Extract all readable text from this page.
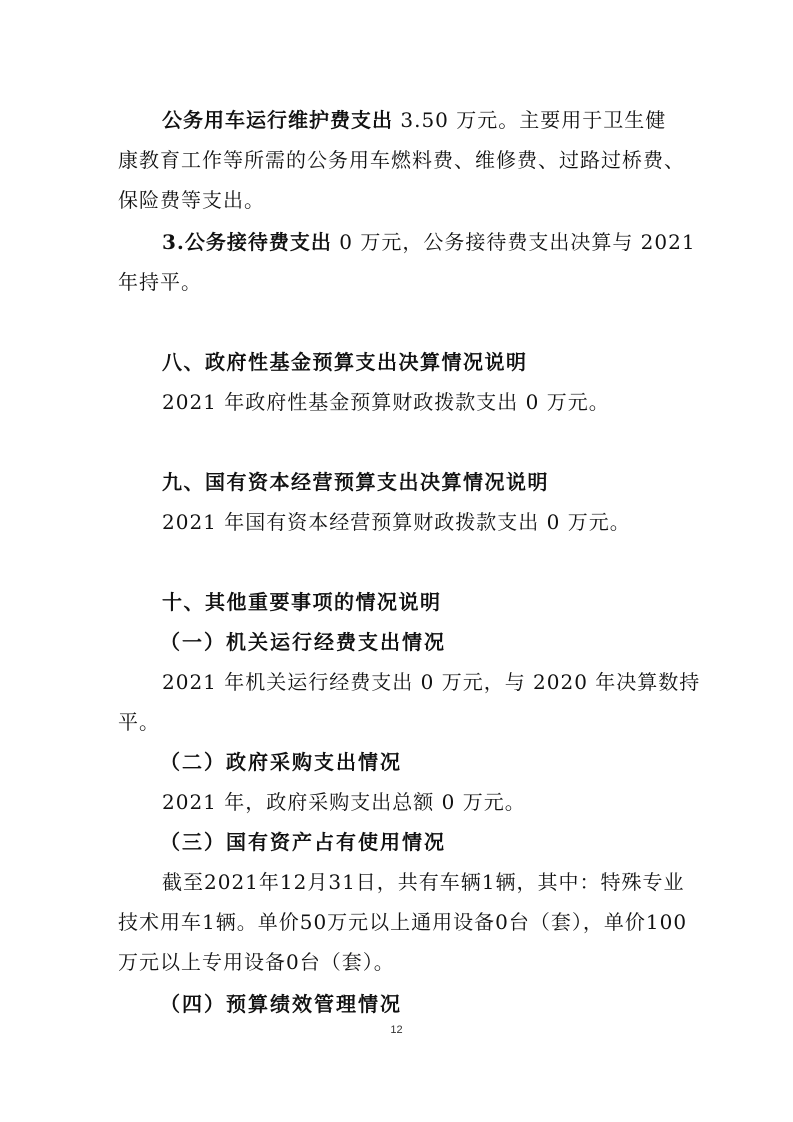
公务用车运行维护费支出 3.50 万元。主要用于卫生健
康教育工作等所需的公务用车燃料费、维修费、过路过桥费、
保险费等支出。
3.公务接待费支出 0 万元，公务接待费支出决算与 2021
年持平。
八、政府性基金预算支出决算情况说明
2021 年政府性基金预算财政拨款支出 0 万元。
九、国有资本经营预算支出决算情况说明
2021 年国有资本经营预算财政拨款支出 0 万元。
十、其他重要事项的情况说明
（一）机关运行经费支出情况
2021 年机关运行经费支出 0 万元，与 2020 年决算数持
平。
（二）政府采购支出情况
2021 年，政府采购支出总额 0 万元。
（三）国有资产占有使用情况
截至2021年12月31日，共有车辆1辆，其中：特殊专业
技术用车1辆。单价50万元以上通用设备0台（套），单价100
万元以上专用设备0台（套）。
（四）预算绩效管理情况
12
